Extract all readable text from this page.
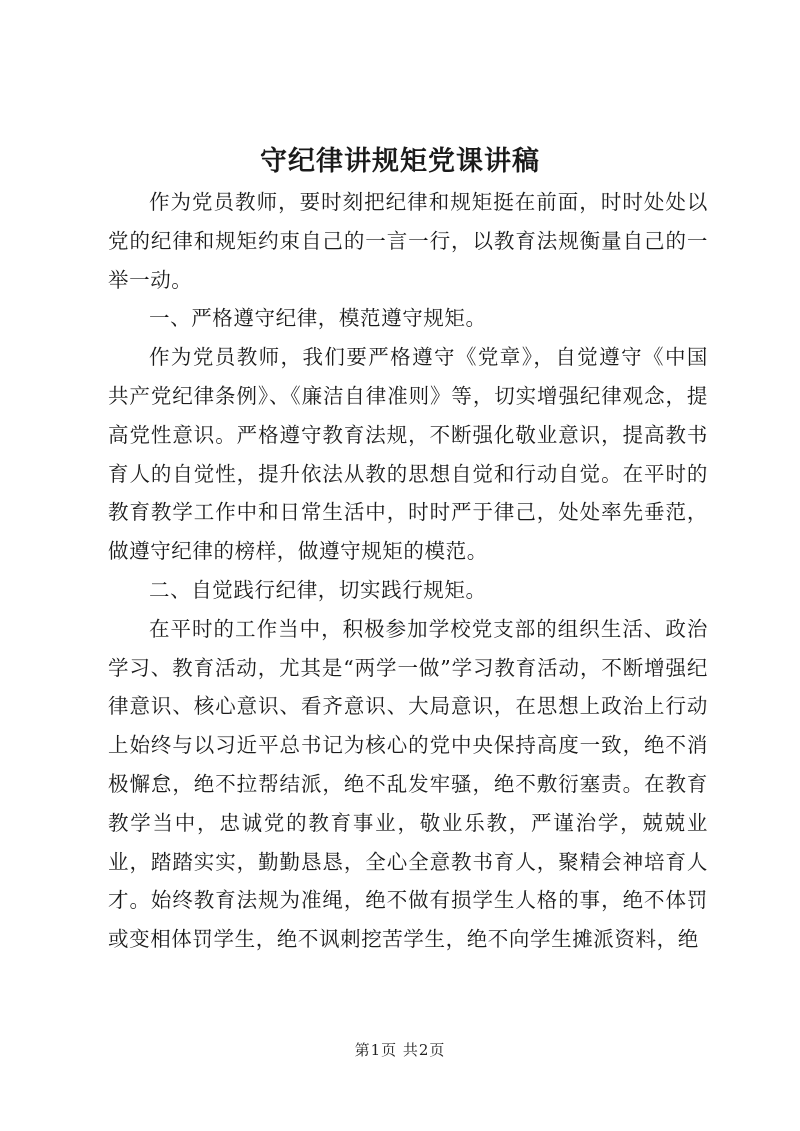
守纪律讲规矩党课讲稿

作为党员教师，要时刻把纪律和规矩挺在前面，时时处处以党的纪律和规矩约束自己的一言一行，以教育法规衡量自己的一举一动。

一、严格遵守纪律，模范遵守规矩。

作为党员教师，我们要严格遵守《党章》，自觉遵守《中国共产党纪律条例》、《廉洁自律准则》等，切实增强纪律观念，提高党性意识。严格遵守教育法规，不断强化敬业意识，提高教书育人的自觉性，提升依法从教的思想自觉和行动自觉。在平时的教育教学工作中和日常生活中，时时严于律己，处处率先垂范，做遵守纪律的榜样，做遵守规矩的模范。

二、自觉践行纪律，切实践行规矩。

在平时的工作当中，积极参加学校党支部的组织生活、政治学习、教育活动，尤其是“两学一做”学习教育活动，不断增强纪律意识、核心意识、看齐意识、大局意识，在思想上政治上行动上始终与以习近平总书记为核心的党中央保持高度一致，绝不消极懈怠，绝不拉帮结派，绝不乱发牢骚，绝不敷衍塞责。在教育教学当中，忠诚党的教育事业，敬业乐教，严谨治学，兢兢业业，踏踏实实，勤勤恳恳，全心全意教书育人，聚精会神培育人才。始终教育法规为准绳，绝不做有损学生人格的事，绝不体罚或变相体罚学生，绝不讽刺挖苦学生，绝不向学生摊派资料，绝

第1页 共2页
